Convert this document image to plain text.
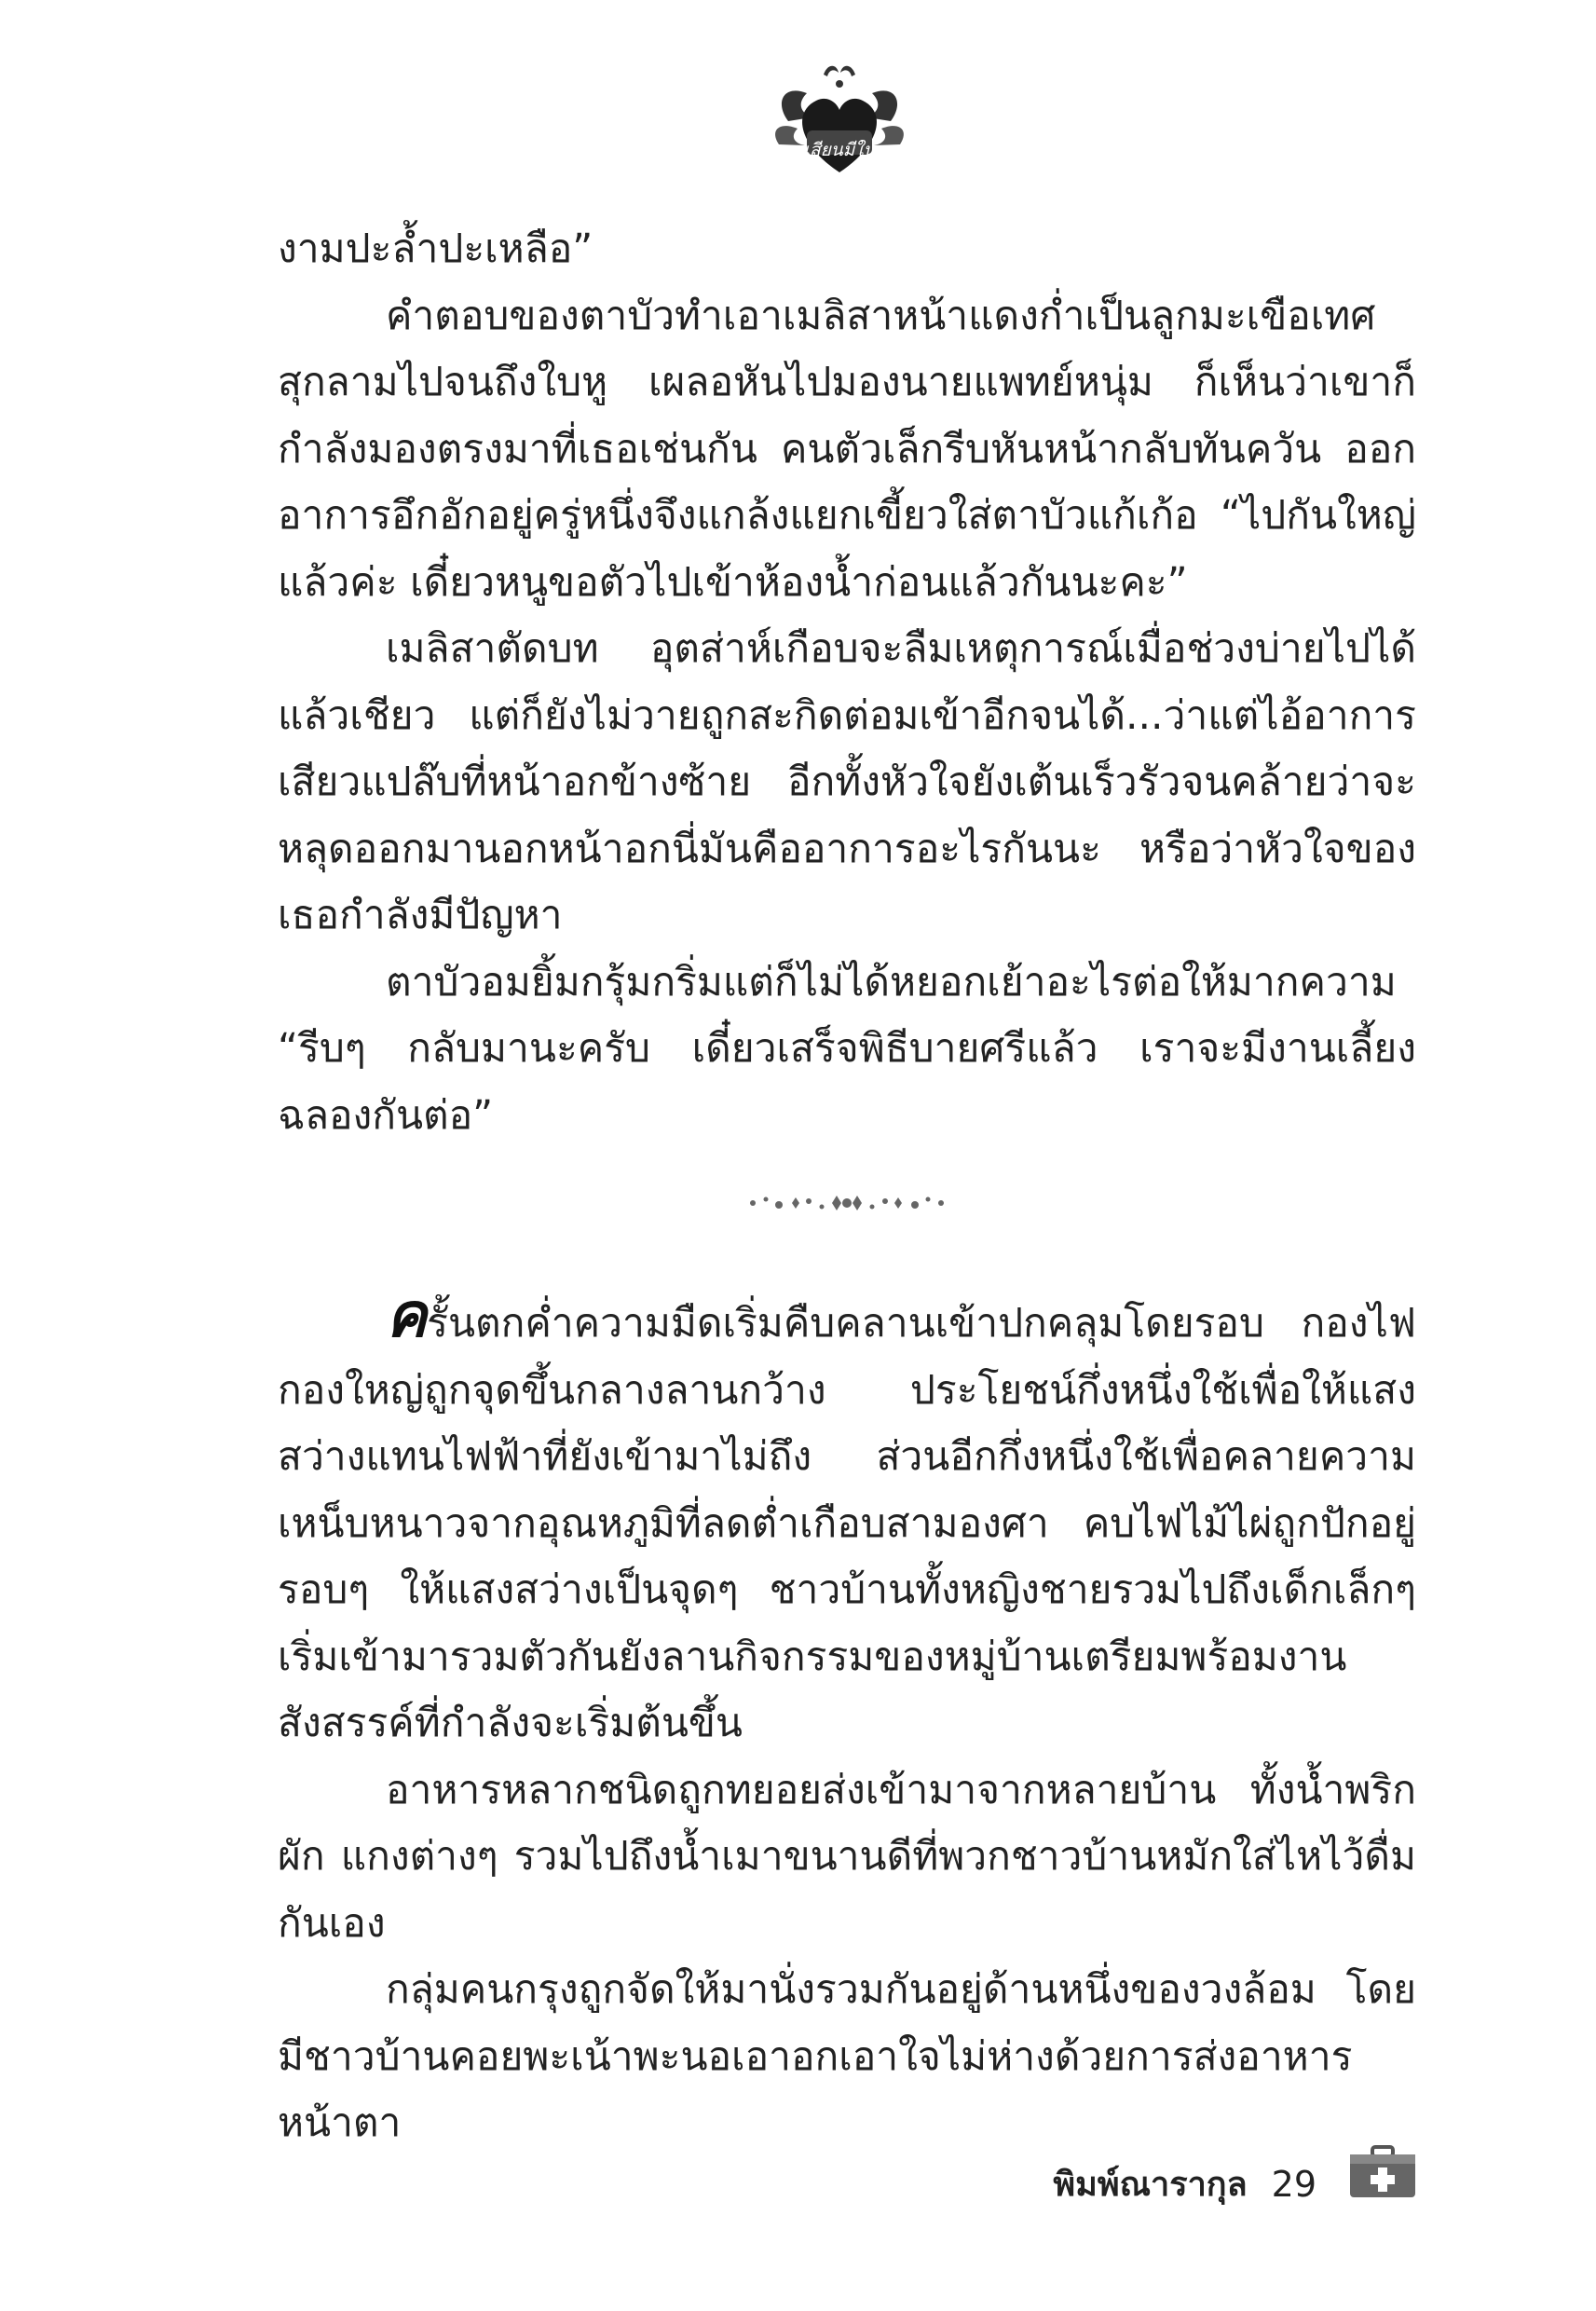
เสียนมีใน

งามปะล้ำปะเหลือ”

คำตอบของตาบัวทำเอาเมลิสาหน้าแดงก่ำเป็นลูกมะเขือเทศสุกลามไปจนถึงใบหู เผลอหันไปมองนายแพทย์หนุ่ม ก็เห็นว่าเขาก็กำลังมองตรงมาที่เธอเช่นกัน คนตัวเล็กรีบหันหน้ากลับทันควัน ออกอาการอึกอักอยู่ครู่หนึ่งจึงแกล้งแยกเขี้ยวใส่ตาบัวแก้เก้อ “ไปกันใหญ่แล้วค่ะ เดี๋ยวหนูขอตัวไปเข้าห้องน้ำก่อนแล้วกันนะคะ”

เมลิสาตัดบท อุตส่าห์เกือบจะลืมเหตุการณ์เมื่อช่วงบ่ายไปได้แล้วเชียว แต่ก็ยังไม่วายถูกสะกิดต่อมเข้าอีกจนได้...ว่าแต่ไอ้อาการเสียวแปล๊บที่หน้าอกข้างซ้าย อีกทั้งหัวใจยังเต้นเร็วรัวจนคล้ายว่าจะหลุดออกมานอกหน้าอกนี่มันคืออาการอะไรกันนะ หรือว่าหัวใจของเธอกำลังมีปัญหา

ตาบัวอมยิ้มกรุ้มกริ่มแต่ก็ไม่ได้หยอกเย้าอะไรต่อให้มากความ “รีบๆ กลับมานะครับ เดี๋ยวเสร็จพิธีบายศรีแล้ว เราจะมีงานเลี้ยงฉลองกันต่อ”

ครั้นตกค่ำความมืดเริ่มคืบคลานเข้าปกคลุมโดยรอบ กองไฟกองใหญ่ถูกจุดขึ้นกลางลานกว้าง ประโยชน์กึ่งหนึ่งใช้เพื่อให้แสงสว่างแทนไฟฟ้าที่ยังเข้ามาไม่ถึง ส่วนอีกกึ่งหนึ่งใช้เพื่อคลายความเหน็บหนาวจากอุณหภูมิที่ลดต่ำเกือบสามองศา คบไฟไม้ไผ่ถูกปักอยู่รอบๆ ให้แสงสว่างเป็นจุดๆ ชาวบ้านทั้งหญิงชายรวมไปถึงเด็กเล็กๆ เริ่มเข้ามารวมตัวกันยังลานกิจกรรมของหมู่บ้านเตรียมพร้อมงานสังสรรค์ที่กำลังจะเริ่มต้นขึ้น

อาหารหลากชนิดถูกทยอยส่งเข้ามาจากหลายบ้าน ทั้งน้ำพริกผัก แกงต่างๆ รวมไปถึงน้ำเมาขนานดีที่พวกชาวบ้านหมักใส่ไหไว้ดื่มกันเอง

กลุ่มคนกรุงถูกจัดให้มานั่งรวมกันอยู่ด้านหนึ่งของวงล้อม โดยมีชาวบ้านคอยพะเน้าพะนอเอาอกเอาใจไม่ห่างด้วยการส่งอาหารหน้าตา

พิมพ์ณารากุล 29
